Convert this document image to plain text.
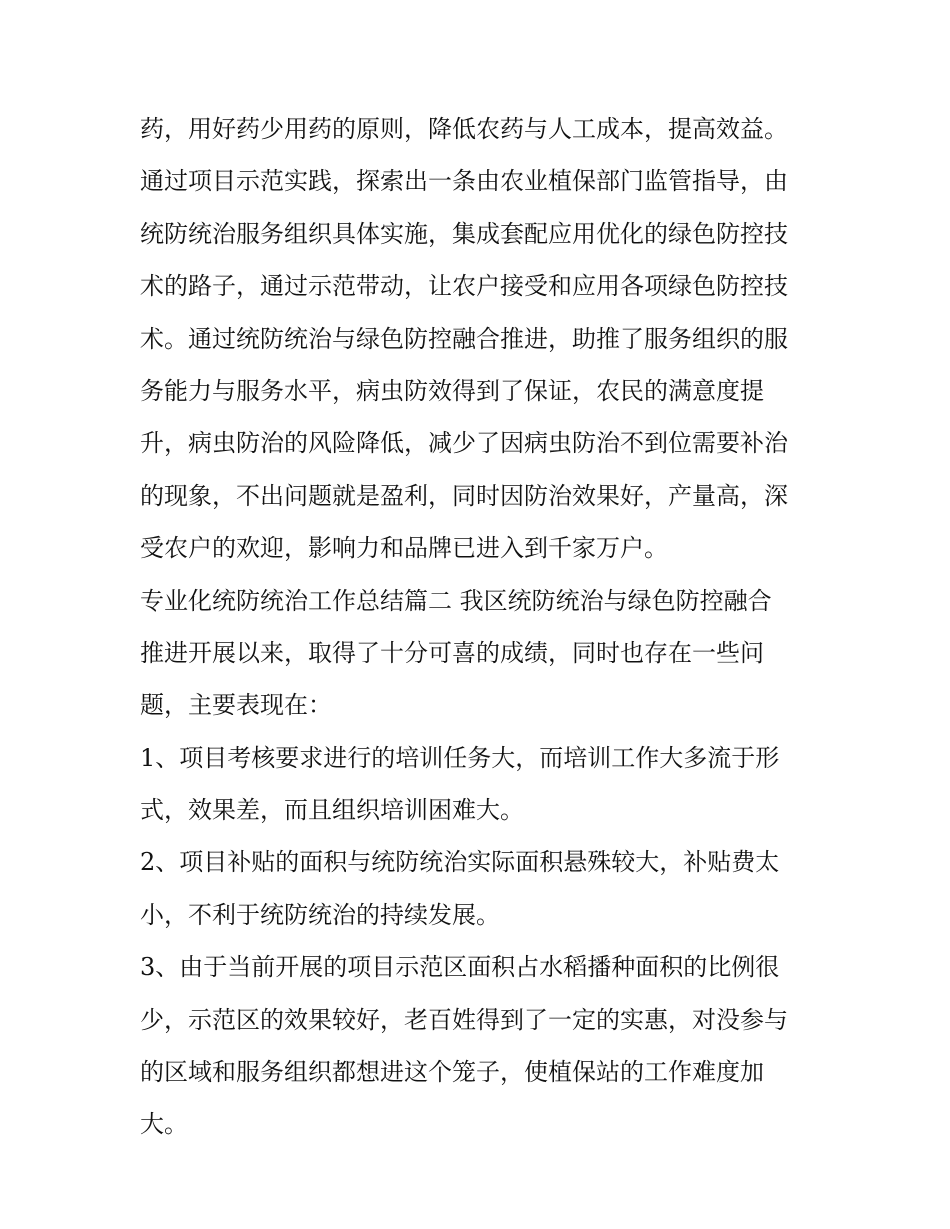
药，用好药少用药的原则，降低农药与人工成本，提高效益。
通过项目示范实践，探索出一条由农业植保部门监管指导，由
统防统治服务组织具体实施，集成套配应用优化的绿色防控技
术的路子，通过示范带动，让农户接受和应用各项绿色防控技
术。通过统防统治与绿色防控融合推进，助推了服务组织的服
务能力与服务水平，病虫防效得到了保证，农民的满意度提
升，病虫防治的风险降低，减少了因病虫防治不到位需要补治
的现象，不出问题就是盈利，同时因防治效果好，产量高，深
受农户的欢迎，影响力和品牌已进入到千家万户。
专业化统防统治工作总结篇二 我区统防统治与绿色防控融合
推进开展以来，取得了十分可喜的成绩，同时也存在一些问
题，主要表现在：
1、项目考核要求进行的培训任务大，而培训工作大多流于形
式，效果差，而且组织培训困难大。
2、项目补贴的面积与统防统治实际面积悬殊较大，补贴费太
小，不利于统防统治的持续发展。
3、由于当前开展的项目示范区面积占水稻播种面积的比例很
少，示范区的效果较好，老百姓得到了一定的实惠，对没参与
的区域和服务组织都想进这个笼子，使植保站的工作难度加
大。
